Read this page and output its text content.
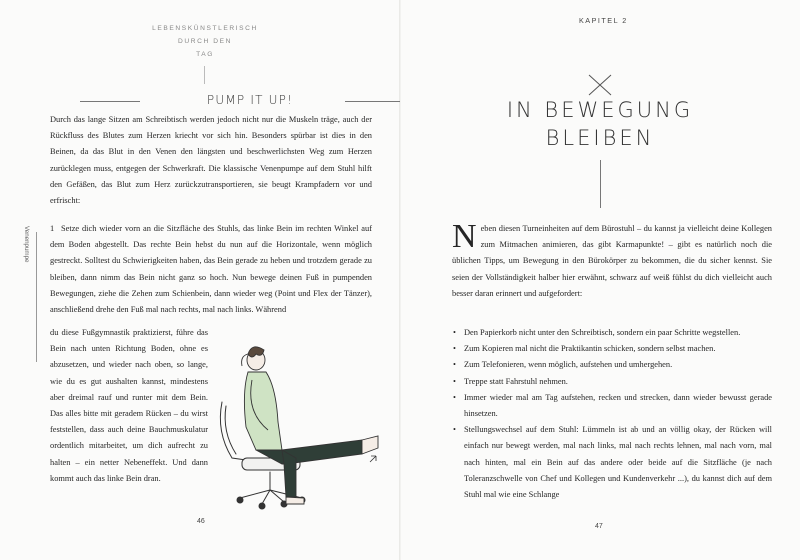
LEBENSKÜNSTLERISCH
DURCH DEN
TAG
PUMP IT UP!
Durch das lange Sitzen am Schreibtisch werden jedoch nicht nur die Muskeln träge, auch der Rückfluss des Blutes zum Herzen kriecht vor sich hin. Besonders spürbar ist dies in den Beinen, da das Blut in den Venen den längsten und beschwerlichsten Weg zum Herzen zurücklegen muss, entgegen der Schwerkraft. Die klassische Venenpumpe auf dem Stuhl hilft den Gefäßen, das Blut zum Herz zurückzutransportieren, sie beugt Krampfadern vor und erfrischt:
1 Setze dich wieder vorn an die Sitzfläche des Stuhls, das linke Bein im rechten Winkel auf dem Boden abgestellt. Das rechte Bein hebst du nun auf die Horizontale, wenn möglich gestreckt. Solltest du Schwierigkeiten haben, das Bein gerade zu heben und trotzdem gerade zu bleiben, dann nimm das Bein nicht ganz so hoch. Nun bewege deinen Fuß in pumpenden Bewegungen, ziehe die Zehen zum Schienbein, dann wieder weg (Point und Flex der Tänzer), anschließend drehe den Fuß mal nach rechts, mal nach links. Während
du diese Fußgymnastik praktizierst, führe das Bein nach unten Richtung Boden, ohne es abzusetzen, und wieder nach oben, so lange, wie du es gut aushalten kannst, mindestens aber dreimal rauf und runter mit dem Bein. Das alles bitte mit geradem Rücken – du wirst feststellen, dass auch deine Bauchmuskulatur ordentlich mitarbeitet, um dich aufrecht zu halten – ein netter Nebeneffekt. Und dann kommt auch das linke Bein dran.
Venenpumpe
46
KAPITEL 2
IN BEWEGUNG
BLEIBEN
Neben diesen Turneinheiten auf dem Bürostuhl – du kannst ja vielleicht deine Kollegen zum Mitmachen animieren, das gibt Karmapunkte! – gibt es natürlich noch die üblichen Tipps, um Bewegung in den Bürokörper zu bekommen, die du sicher kennst. Sie seien der Vollständigkeit halber hier erwähnt, schwarz auf weiß fühlst du dich vielleicht auch besser daran erinnert und aufgefordert:
• Den Papierkorb nicht unter den Schreibtisch, sondern ein paar Schritte wegstellen.
• Zum Kopieren mal nicht die Praktikantin schicken, sondern selbst machen.
• Zum Telefonieren, wenn möglich, aufstehen und umhergehen.
• Treppe statt Fahrstuhl nehmen.
• Immer wieder mal am Tag aufstehen, recken und strecken, dann wieder bewusst gerade hinsetzen.
• Stellungswechsel auf dem Stuhl: Lümmeln ist ab und an völlig okay, der Rücken will einfach nur bewegt werden, mal nach links, mal nach rechts lehnen, mal nach vorn, mal nach hinten, mal ein Bein auf das andere oder beide auf die Sitzfläche (je nach Toleranzschwelle von Chef und Kollegen und Kundenverkehr ...), du kannst dich auf dem Stuhl mal wie eine Schlange
47
